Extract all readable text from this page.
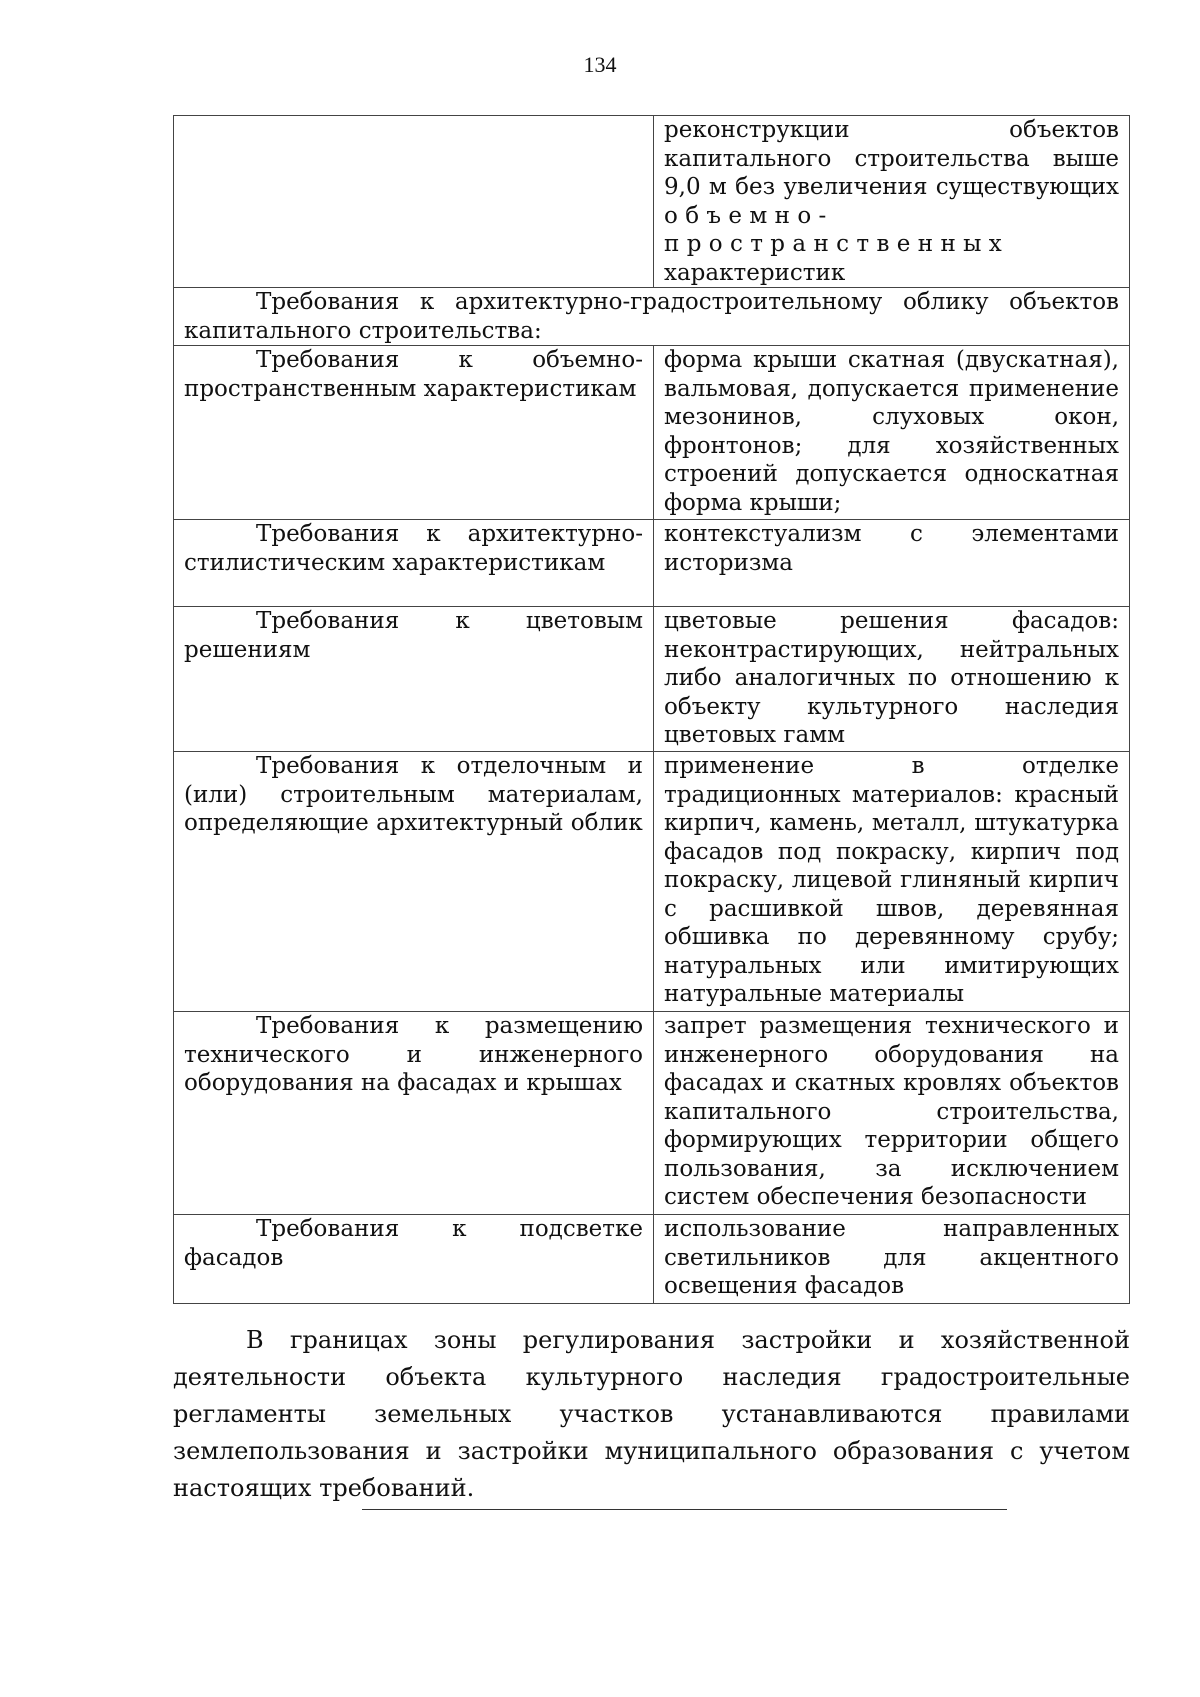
134
	реконструкции объектов
капитального строительства выше
9,0 м без увеличения существующих
объемно-пространственных
характеристик
Требования к архитектурно-градостроительному облику объектов капитального строительства:	
Требования к объемно-пространственным характеристикам	форма крыши скатная (двускатная), вальмовая, допускается применение мезонинов, слуховых окон, фронтонов; для хозяйственных строений допускается односкатная форма крыши;
Требования к архитектурно-стилистическим характеристикам	контекстуализм с элементами историзма
Требования к цветовым решениям	цветовые решения фасадов: неконтрастирующих, нейтральных либо аналогичных по отношению к объекту культурного наследия цветовых гамм
Требования к отделочным и (или) строительным материалам, определяющие архитектурный облик	применение в отделке традиционных материалов: красный кирпич, камень, металл, штукатурка фасадов под покраску, кирпич под покраску, лицевой глиняный кирпич с расшивкой швов, деревянная обшивка по деревянному срубу; натуральных или имитирующих натуральные материалы
Требования к размещению технического и инженерного оборудования на фасадах и крышах	запрет размещения технического и инженерного оборудования на фасадах и скатных кровлях объектов капитального строительства, формирующих территории общего пользования, за исключением систем обеспечения безопасности
Требования к подсветке фасадов	использование направленных светильников для акцентного освещения фасадов

В границах зоны регулирования застройки и хозяйственной деятельности объекта культурного наследия градостроительные регламенты земельных участков устанавливаются правилами землепользования и застройки муниципального образования с учетом настоящих требований.
